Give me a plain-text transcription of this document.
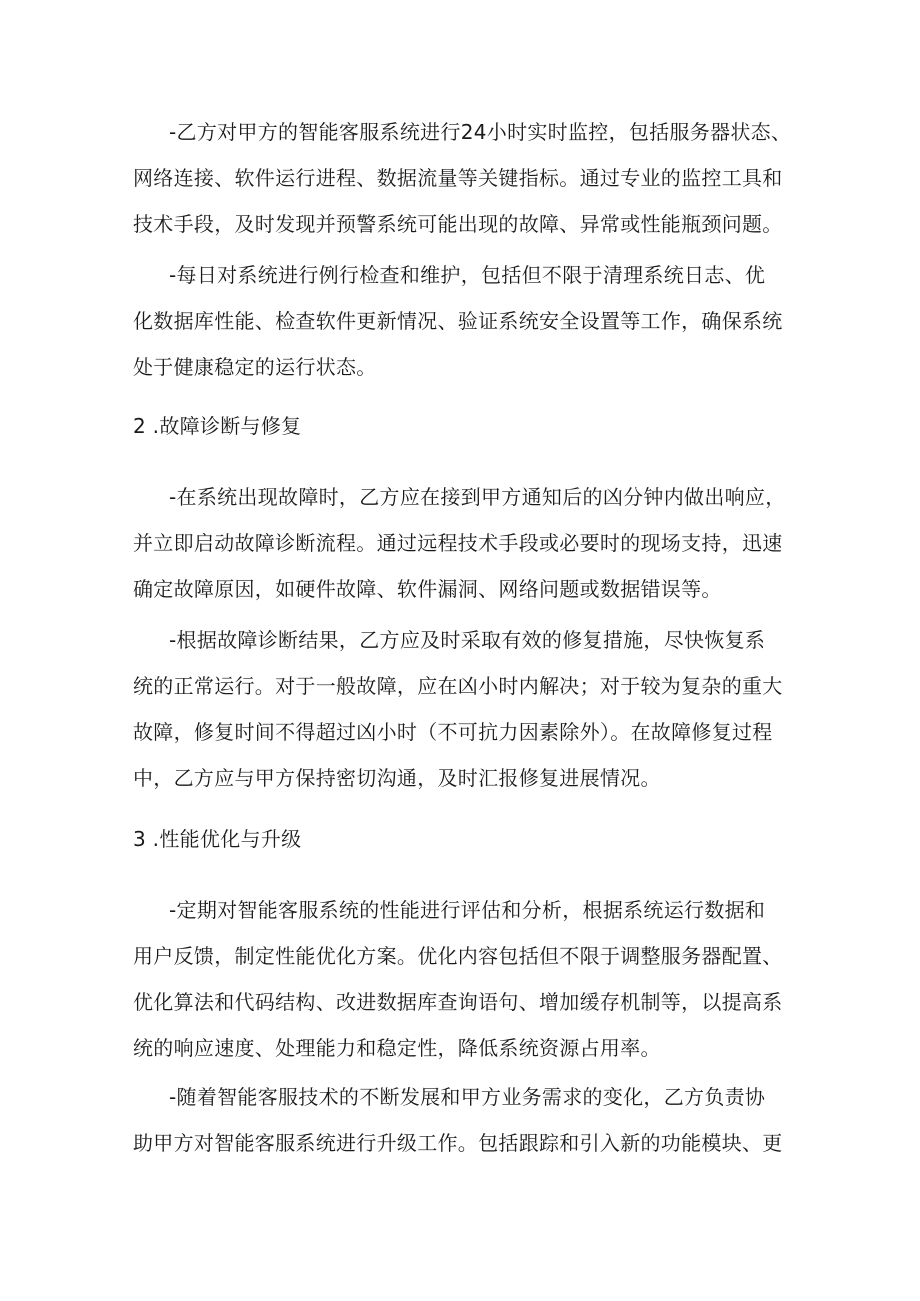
-乙方对甲方的智能客服系统进行24小时实时监控，包括服务器状态、
网络连接、软件运行进程、数据流量等关键指标。通过专业的监控工具和
技术手段，及时发现并预警系统可能出现的故障、异常或性能瓶颈问题。

-每日对系统进行例行检查和维护，包括但不限于清理系统日志、优
化数据库性能、检查软件更新情况、验证系统安全设置等工作，确保系统
处于健康稳定的运行状态。

2 .故障诊断与修复

-在系统出现故障时，乙方应在接到甲方通知后的凶分钟内做出响应，
并立即启动故障诊断流程。通过远程技术手段或必要时的现场支持，迅速
确定故障原因，如硬件故障、软件漏洞、网络问题或数据错误等。

-根据故障诊断结果，乙方应及时采取有效的修复措施，尽快恢复系
统的正常运行。对于一般故障，应在凶小时内解决；对于较为复杂的重大
故障，修复时间不得超过凶小时（不可抗力因素除外）。在故障修复过程
中，乙方应与甲方保持密切沟通，及时汇报修复进展情况。

3 .性能优化与升级

-定期对智能客服系统的性能进行评估和分析，根据系统运行数据和
用户反馈，制定性能优化方案。优化内容包括但不限于调整服务器配置、
优化算法和代码结构、改进数据库查询语句、增加缓存机制等，以提高系
统的响应速度、处理能力和稳定性，降低系统资源占用率。

-随着智能客服技术的不断发展和甲方业务需求的变化，乙方负责协
助甲方对智能客服系统进行升级工作。包括跟踪和引入新的功能模块、更
